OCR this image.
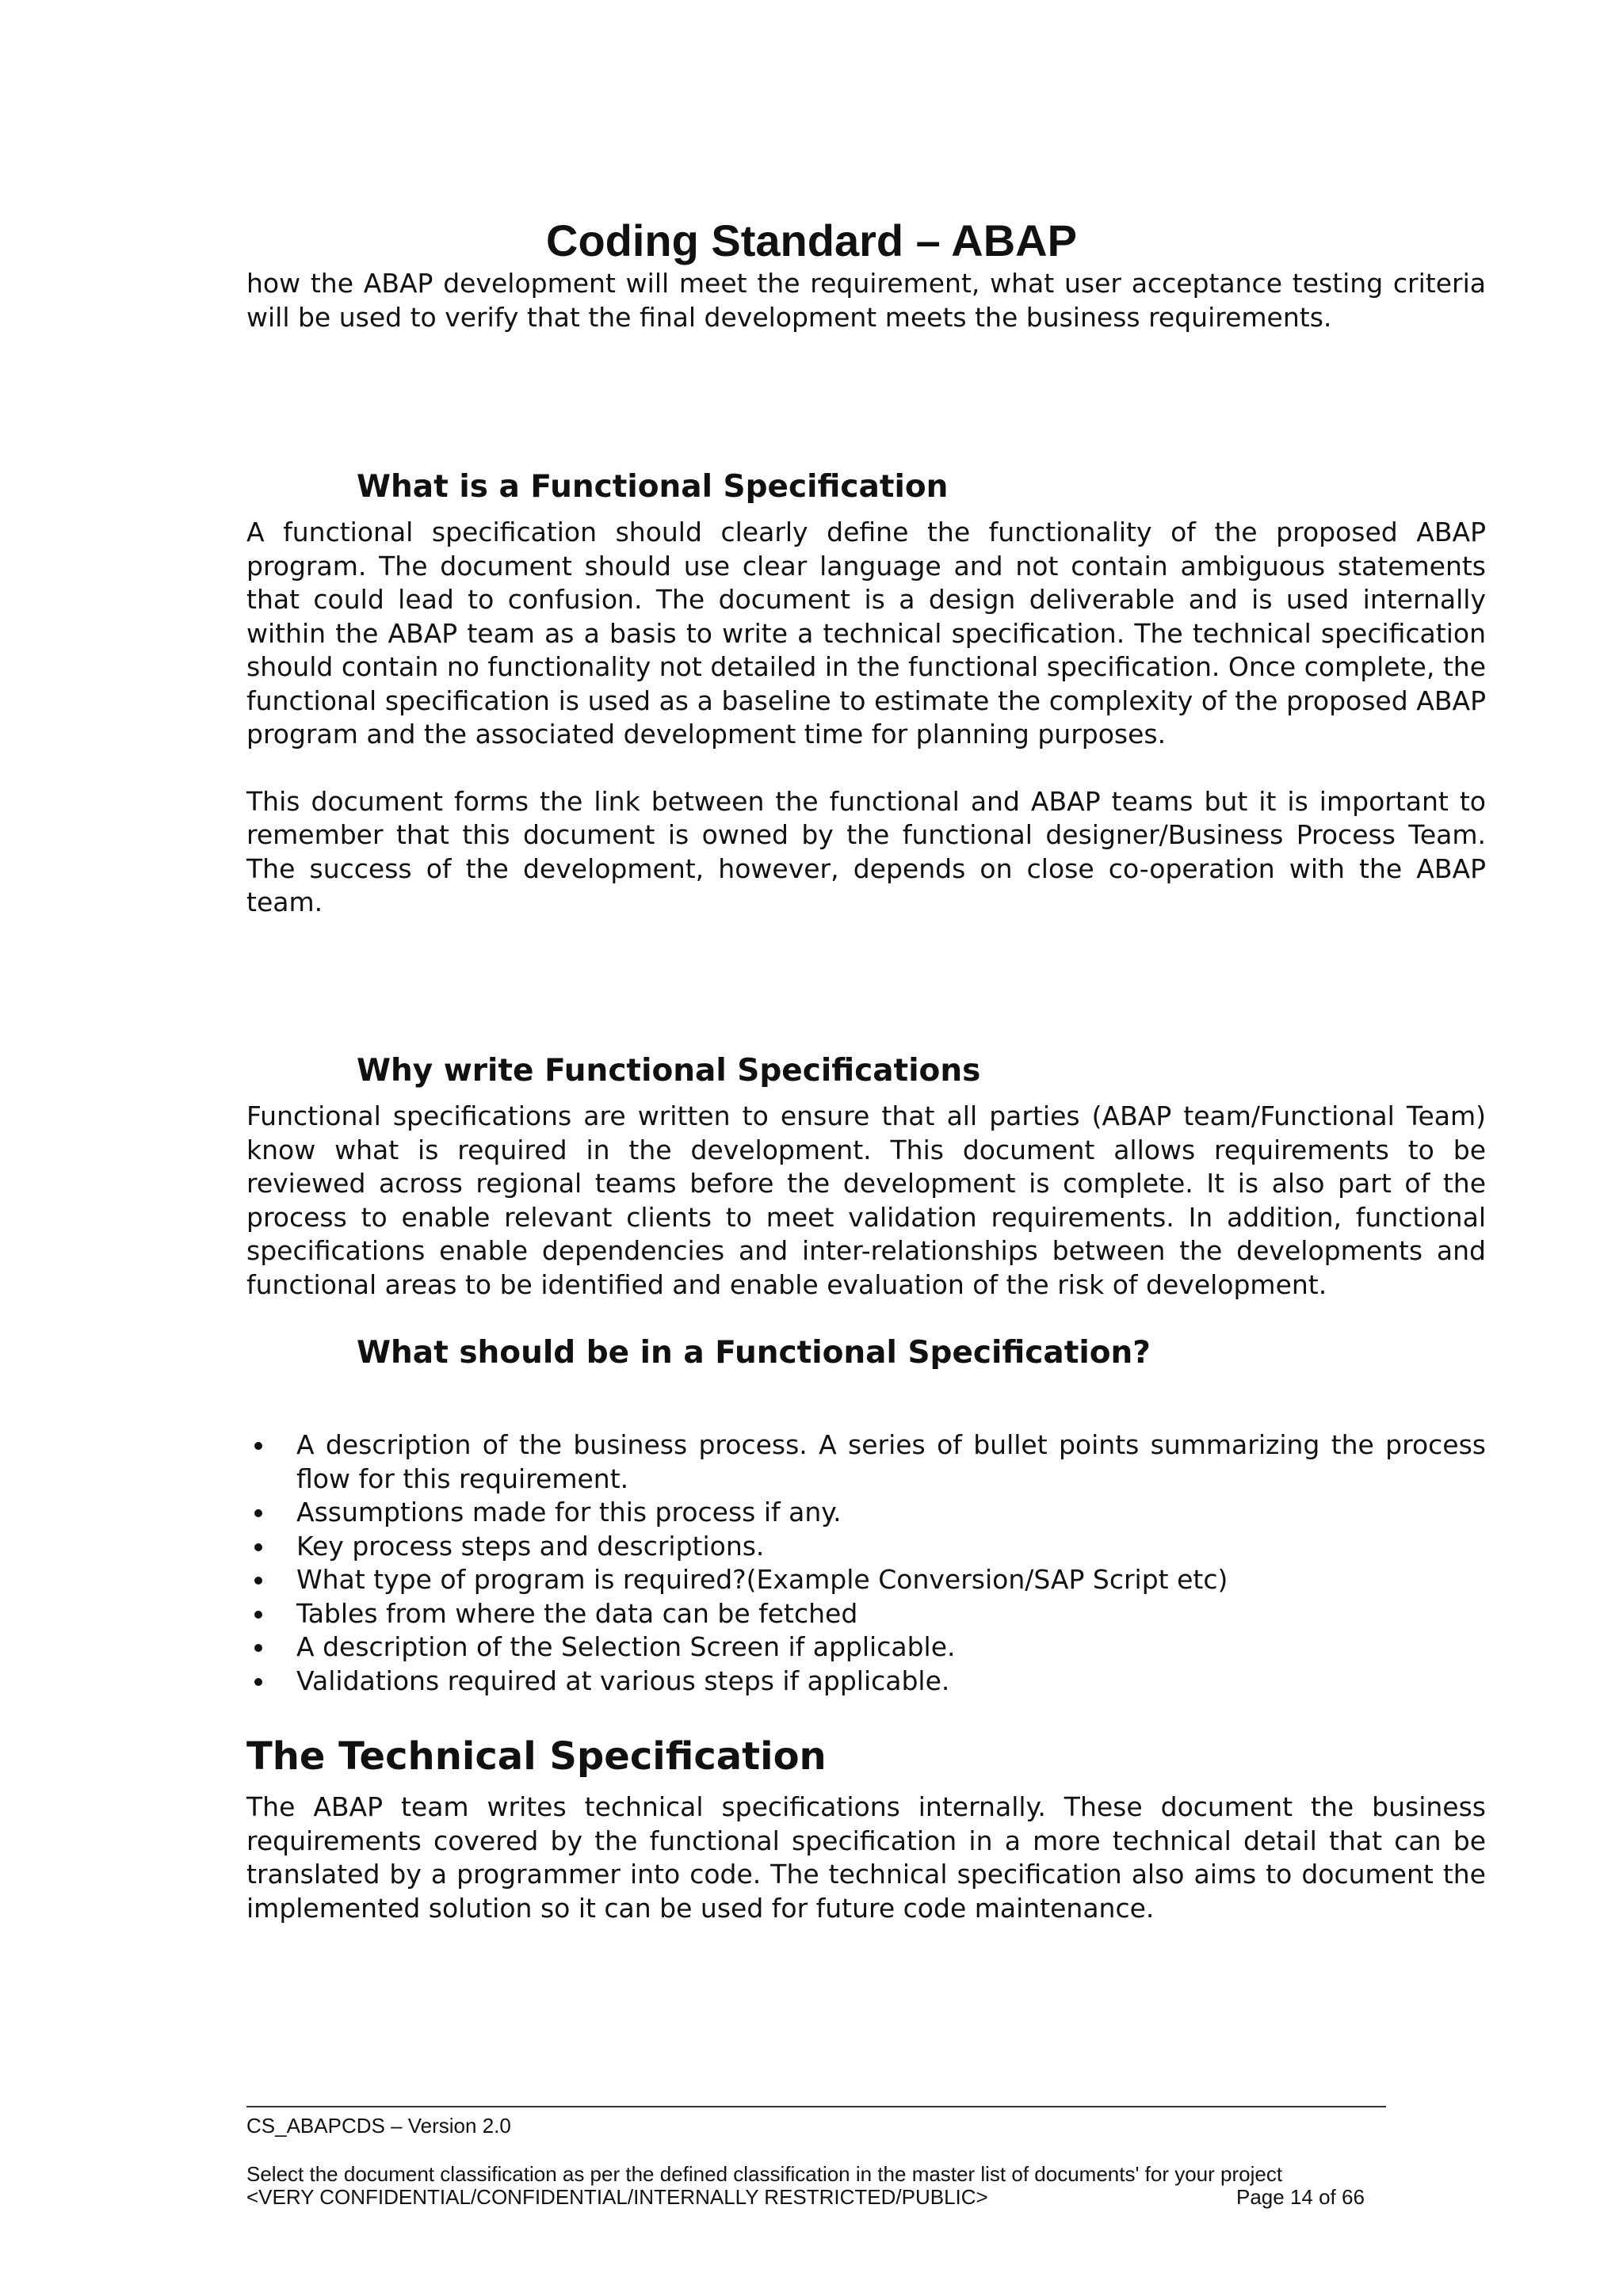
Coding Standard – ABAP

how the ABAP development will meet the requirement, what user acceptance testing criteria will be used to verify that the final development meets the business requirements.

What is a Functional Specification

A functional specification should clearly define the functionality of the proposed ABAP program. The document should use clear language and not contain ambiguous statements that could lead to confusion. The document is a design deliverable and is used internally within the ABAP team as a basis to write a technical specification. The technical specification should contain no functionality not detailed in the functional specification. Once complete, the functional specification is used as a baseline to estimate the complexity of the proposed ABAP program and the associated development time for planning purposes.

This document forms the link between the functional and ABAP teams but it is important to remember that this document is owned by the functional designer/Business Process Team. The success of the development, however, depends on close co-operation with the ABAP team.

Why write Functional Specifications

Functional specifications are written to ensure that all parties (ABAP team/Functional Team) know what is required in the development. This document allows requirements to be reviewed across regional teams before the development is complete. It is also part of the process to enable relevant clients to meet validation requirements. In addition, functional specifications enable dependencies and inter-relationships between the developments and functional areas to be identified and enable evaluation of the risk of development.

What should be in a Functional Specification?
A description of the business process. A series of bullet points summarizing the process flow for this requirement.
Assumptions made for this process if any.
Key process steps and descriptions.
What type of program is required?(Example Conversion/SAP Script etc)
Tables from where the data can be fetched
A description of the Selection Screen if applicable.
Validations required at various steps if applicable.
The Technical Specification

The ABAP team writes technical specifications internally. These document the business requirements covered by the functional specification in a more technical detail that can be translated by a programmer into code. The technical specification also aims to document the implemented solution so it can be used for future code maintenance.

CS_ABAPCDS – Version 2.0

Select the document classification as per the defined classification in the master list of documents' for your project

<VERY CONFIDENTIAL/CONFIDENTIAL/INTERNALLY RESTRICTED/PUBLIC>	Page 14 of 66
